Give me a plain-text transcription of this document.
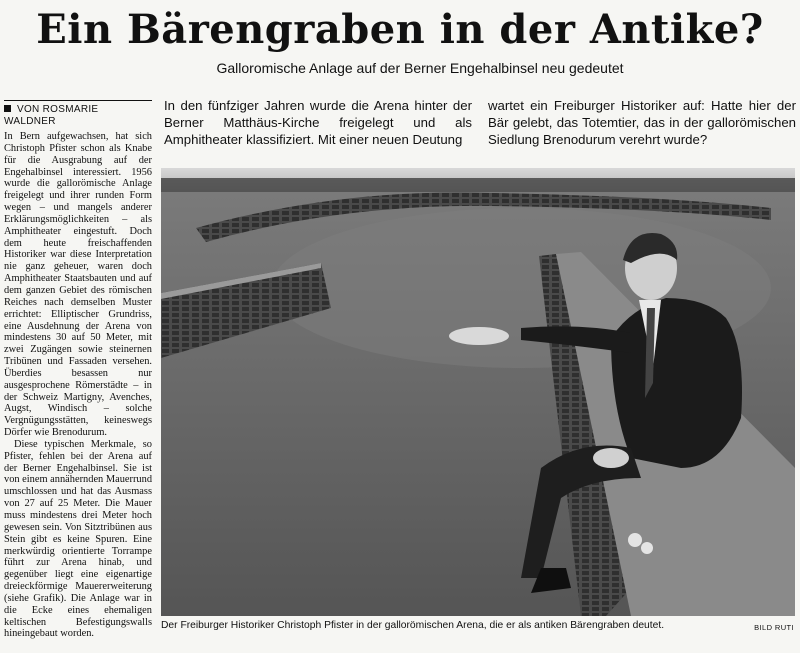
Ein Bärengraben in der Antike?
Galloromische Anlage auf der Berner Engehalbinsel neu gedeutet
VON ROSMARIE
WALDNER

In Bern aufgewachsen, hat sich Christoph Pfister schon als Knabe für die Ausgrabung auf der Engehalbinsel interessiert. 1956 wurde die gallorömische Anlage freigelegt und ihrer runden Form wegen – und mangels anderer Erklärungsmöglichkeiten – als Amphitheater eingestuft. Doch dem heute freischaffenden Historiker war diese Interpretation nie ganz geheuer, waren doch Amphitheater Staatsbauten und auf dem ganzen Gebiet des römischen Reiches nach demselben Muster errichtet: Elliptischer Grundriss, eine Ausdehnung der Arena von mindestens 30 auf 50 Meter, mit zwei Zugängen sowie steinernen Tribünen und Fassaden versehen. Überdies besassen nur ausgesprochene Römerstädte – in der Schweiz Martigny, Avenches, Augst, Windisch – solche Vergnügungsstätten, keineswegs Dörfer wie Brenodurum.

Diese typischen Merkmale, so Pfister, fehlen bei der Arena auf der Berner Engehalbinsel. Sie ist von einem annähernden Mauerrund umschlossen und hat das Ausmass von 27 auf 25 Meter. Die Mauer muss mindestens drei Meter hoch gewesen sein. Von Sitztribünen aus Stein gibt es keine Spuren. Eine merkwürdig orientierte Torrampe führt zur Arena hinab, und gegenüber liegt eine eigenartige dreieckförmige Mauererweiterung (siehe Grafik). Die Anlage war in die Ecke eines ehemaligen keltischen Befestigungswalls hineingebaut worden.

In den fünfziger Jahren wurde die Arena hinter der Berner Matthäus-Kirche freigelegt und als Amphitheater klassifiziert. Mit einer neuen Deutung
wartet ein Freiburger Historiker auf: Hatte hier der Bär gelebt, das Totemtier, das in der gallorömischen Siedlung Brenodurum verehrt wurde?
Der Freiburger Historiker Christoph Pfister in der gallorömischen Arena, die er als antiken Bärengraben deutet.	BILD RUTI
